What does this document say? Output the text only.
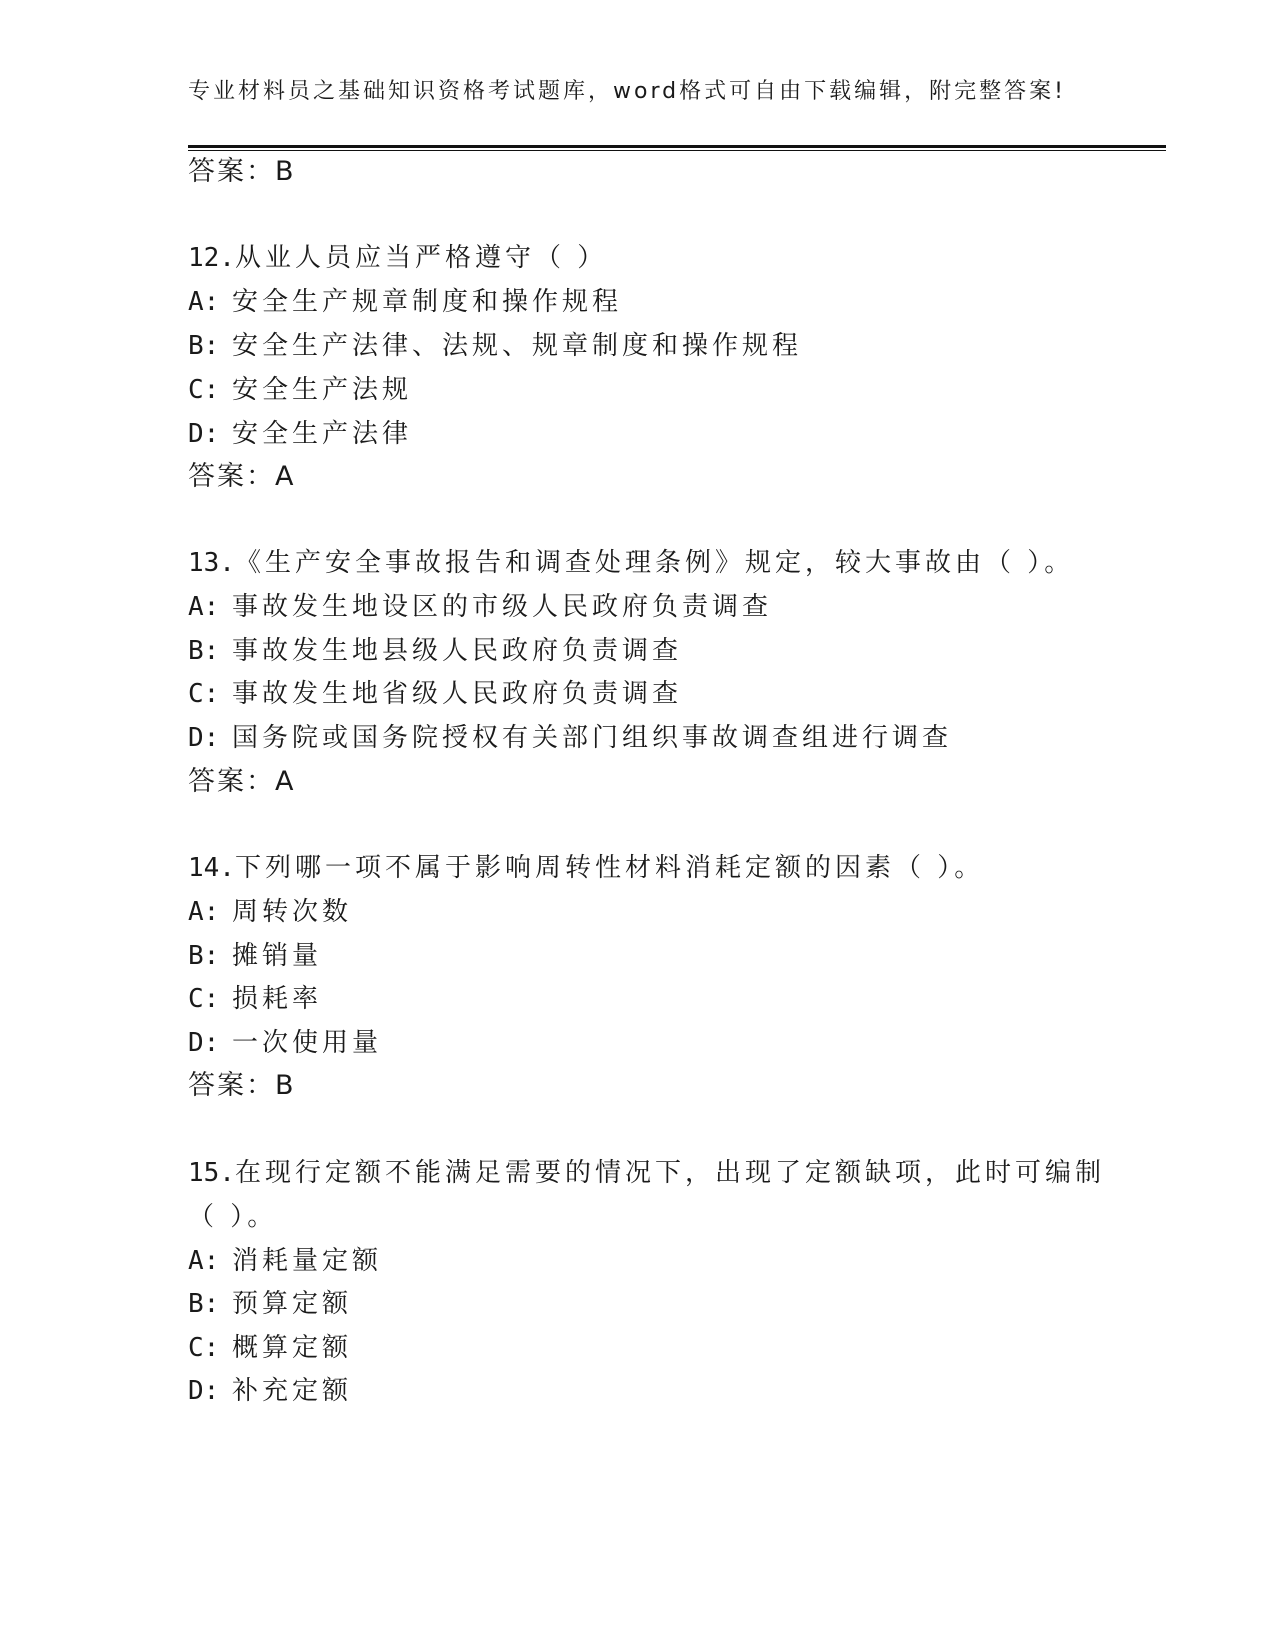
专业材料员之基础知识资格考试题库，word格式可自由下载编辑，附完整答案!
答案：B
12.从业人员应当严格遵守（ ）
A: 安全生产规章制度和操作规程
B: 安全生产法律、法规、规章制度和操作规程
C: 安全生产法规
D: 安全生产法律
答案：A
13.《生产安全事故报告和调查处理条例》规定，较大事故由（ ）。
A: 事故发生地设区的市级人民政府负责调查
B: 事故发生地县级人民政府负责调查
C: 事故发生地省级人民政府负责调查
D: 国务院或国务院授权有关部门组织事故调查组进行调查
答案：A
14.下列哪一项不属于影响周转性材料消耗定额的因素（ ）。
A: 周转次数
B: 摊销量
C: 损耗率
D: 一次使用量
答案：B
15.在现行定额不能满足需要的情况下，出现了定额缺项，此时可编制
（ ）。
A: 消耗量定额
B: 预算定额
C: 概算定额
D: 补充定额
